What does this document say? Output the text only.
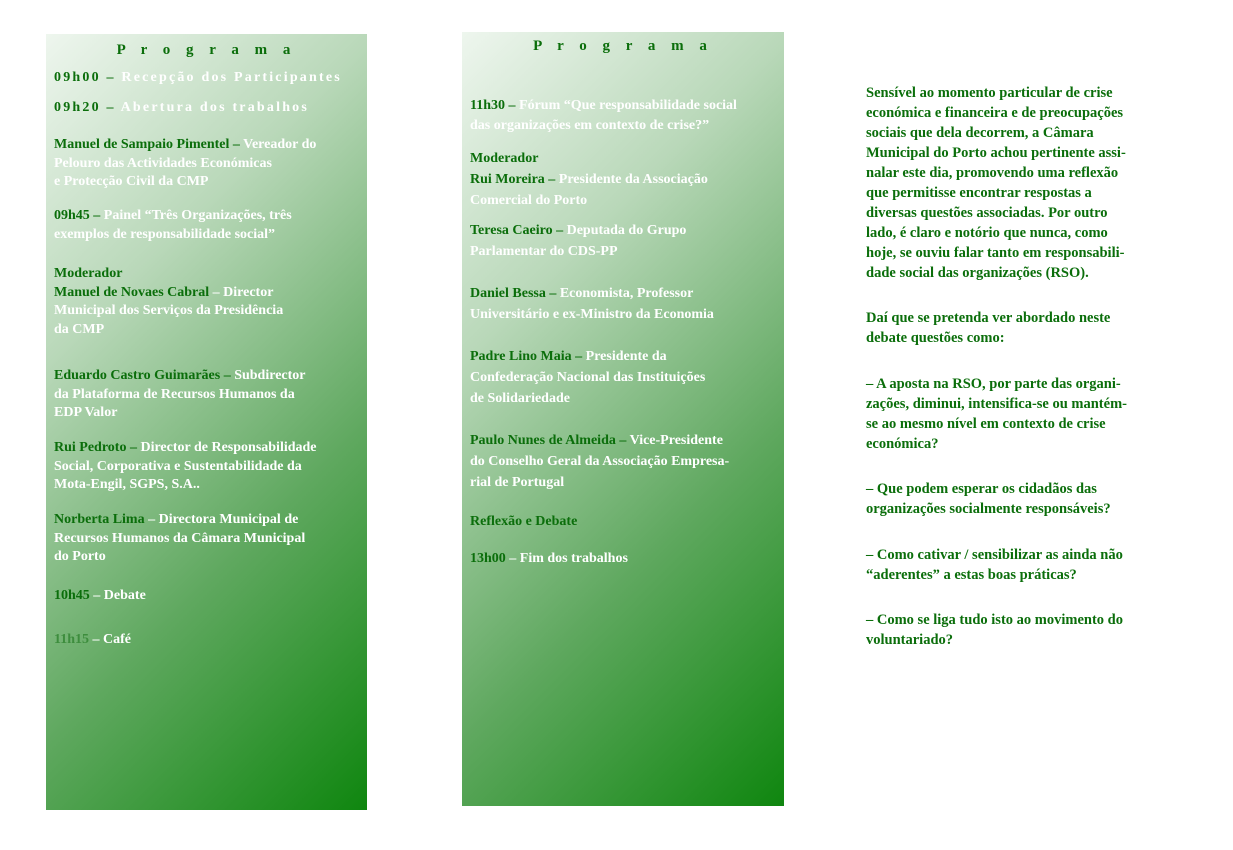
P r o g r a m a
09h00 – Recepção dos Participantes
09h20 – Abertura dos trabalhos
Manuel de Sampaio Pimentel – Vereador do
Pelouro das Actividades Económicas
e Protecção Civil da CMP
09h45 – Painel “Três Organizações, três
exemplos de responsabilidade social”
Moderador
Manuel de Novaes Cabral – Director
Municipal dos Serviços da Presidência
da CMP
Eduardo Castro Guimarães – Subdirector
da Plataforma de Recursos Humanos da
EDP Valor
Rui Pedroto – Director de Responsabilidade
Social, Corporativa e Sustentabilidade da
Mota-Engil, SGPS, S.A..
Norberta Lima – Directora Municipal de
Recursos Humanos da Câmara Municipal
do Porto
10h45 – Debate
11h15 – Café
P r o g r a m a
11h30 – Fórum “Que responsabilidade social
das organizações em contexto de crise?”
Moderador
Rui Moreira – Presidente da Associação
Comercial do Porto
Teresa Caeiro – Deputada do Grupo
Parlamentar do CDS-PP
Daniel Bessa – Economista, Professor
Universitário e ex-Ministro da Economia
Padre Lino Maia – Presidente da
Confederação Nacional das Instituições
de Solidariedade
Paulo Nunes de Almeida – Vice-Presidente
do Conselho Geral da Associação Empresa-
rial de Portugal
Reflexão e Debate
13h00 – Fim dos trabalhos

Sensível ao momento particular de crise

económica e financeira e de preocupações

sociais que dela decorrem, a Câmara

Municipal do Porto achou pertinente assi-

nalar este dia, promovendo uma reflexão

que permitisse encontrar respostas a

diversas questões associadas. Por outro

lado, é claro e notório que nunca, como

hoje, se ouviu falar tanto em responsabili-

dade social das organizações (RSO).

Daí que se pretenda ver abordado neste

debate questões como:

– A aposta na RSO, por parte das organi-

zações, diminui, intensifica-se ou mantém-

se ao mesmo nível em contexto de crise

económica?

– Que podem esperar os cidadãos das

organizações socialmente responsáveis?

– Como cativar / sensibilizar as ainda não

“aderentes” a estas boas práticas?

– Como se liga tudo isto ao movimento do

voluntariado?
